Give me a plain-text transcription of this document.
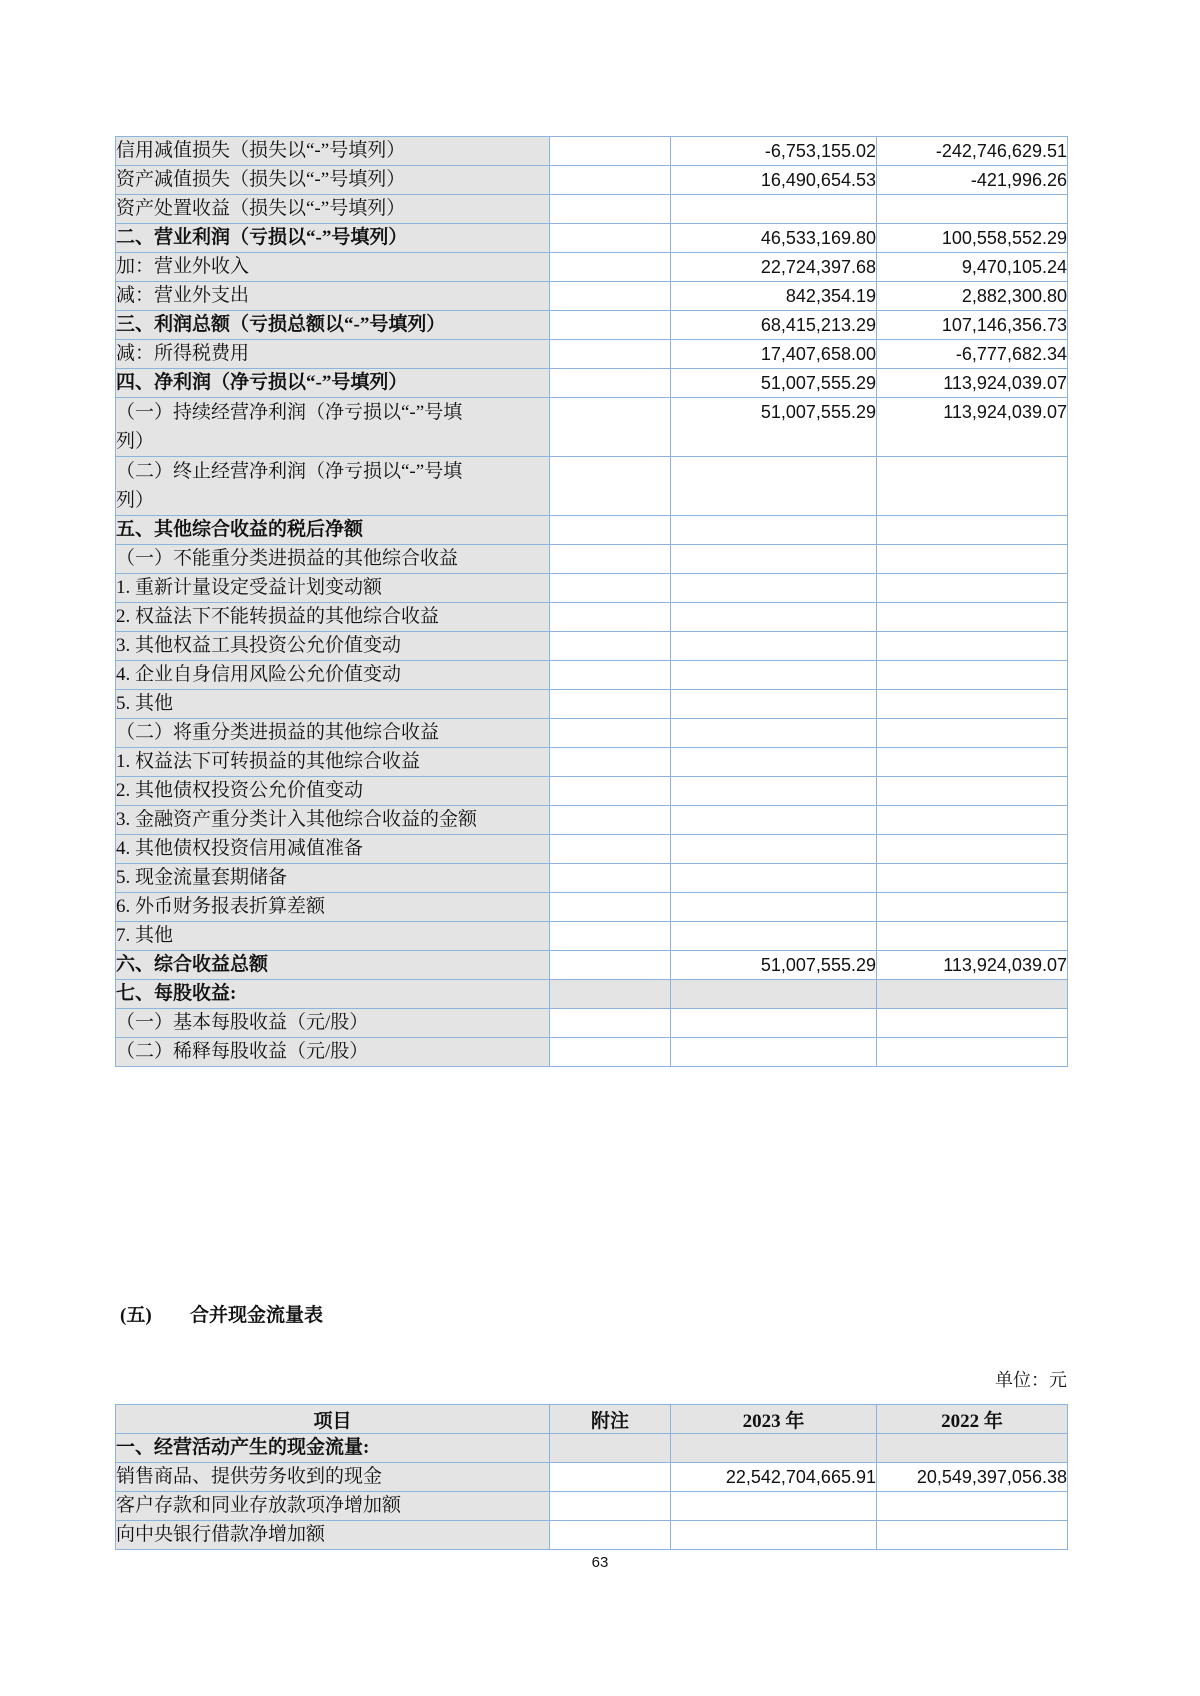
信用减值损失（损失以“-”号填列）		-6,753,155.02	-242,746,629.51
资产减值损失（损失以“-”号填列）		16,490,654.53	-421,996.26
资产处置收益（损失以“-”号填列）			
二、营业利润（亏损以“-”号填列）		46,533,169.80	100,558,552.29
加：营业外收入		22,724,397.68	9,470,105.24
减：营业外支出		842,354.19	2,882,300.80
三、利润总额（亏损总额以“-”号填列）		68,415,213.29	107,146,356.73
减：所得税费用		17,407,658.00	-6,777,682.34
四、净利润（净亏损以“-”号填列）		51,007,555.29	113,924,039.07
（一）持续经营净利润（净亏损以“-”号填列）		51,007,555.29	113,924,039.07
（二）终止经营净利润（净亏损以“-”号填列）			
五、其他综合收益的税后净额			
（一）不能重分类进损益的其他综合收益			
1. 重新计量设定受益计划变动额			
2. 权益法下不能转损益的其他综合收益			
3. 其他权益工具投资公允价值变动			
4. 企业自身信用风险公允价值变动			
5. 其他			
（二）将重分类进损益的其他综合收益			
1. 权益法下可转损益的其他综合收益			
2. 其他债权投资公允价值变动			
3. 金融资产重分类计入其他综合收益的金额			
4. 其他债权投资信用减值准备			
5. 现金流量套期储备			
6. 外币财务报表折算差额			
7. 其他			
六、综合收益总额		51,007,555.29	113,924,039.07
七、每股收益:			
（一）基本每股收益（元/股）			
（二）稀释每股收益（元/股）			
(五) 合并现金流量表
单位：元
项目	附注	2023 年	2022 年
一、经营活动产生的现金流量:			
销售商品、提供劳务收到的现金		22,542,704,665.91	20,549,397,056.38
客户存款和同业存放款项净增加额			
向中央银行借款净增加额			
63
